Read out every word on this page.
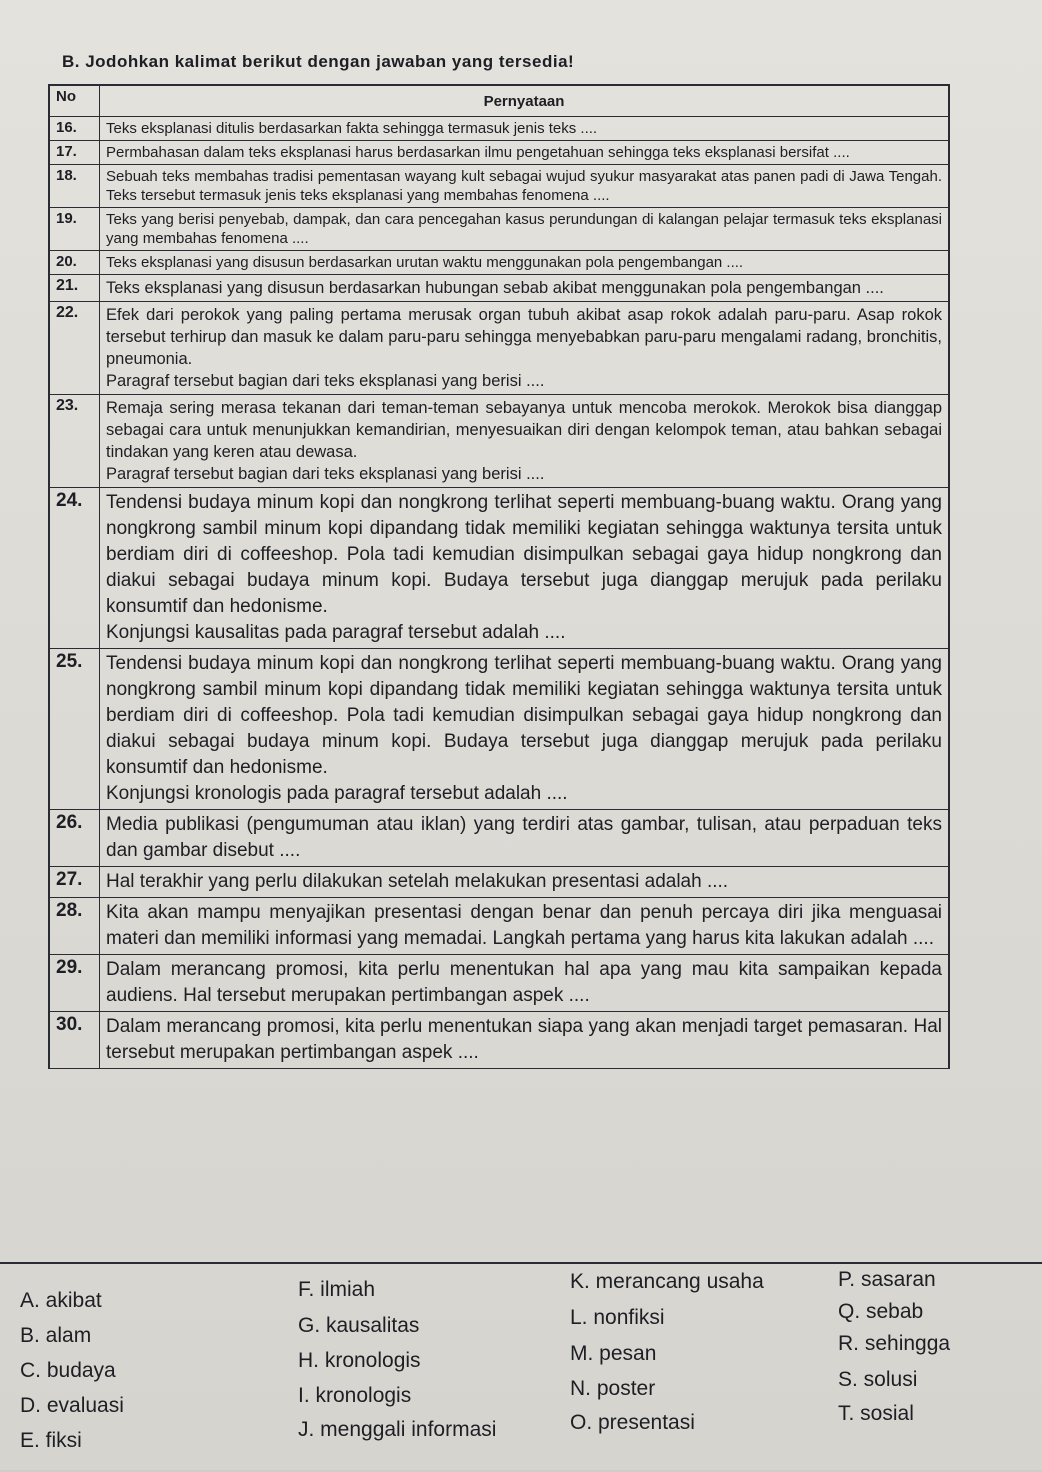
B. Jodohkan kalimat berikut dengan jawaban yang tersedia!
No	Pernyataan
16.	Teks eksplanasi ditulis berdasarkan fakta sehingga termasuk jenis teks ....
17.	Permbahasan dalam teks eksplanasi harus berdasarkan ilmu pengetahuan sehingga teks eksplanasi bersifat ....
18.	Sebuah teks membahas tradisi pementasan wayang kult sebagai wujud syukur masyarakat atas panen padi di Jawa Tengah. Teks tersebut termasuk jenis teks eksplanasi yang membahas fenomena ....
19.	Teks yang berisi penyebab, dampak, dan cara pencegahan kasus perundungan di kalangan pelajar termasuk teks eksplanasi yang membahas fenomena ....
20.	Teks eksplanasi yang disusun berdasarkan urutan waktu menggunakan pola pengembangan ....
21.	Teks eksplanasi yang disusun berdasarkan hubungan sebab akibat menggunakan pola pengembangan ....
22.	Efek dari perokok yang paling pertama merusak organ tubuh akibat asap rokok adalah paru-paru. Asap rokok tersebut terhirup dan masuk ke dalam paru-paru sehingga menyebabkan paru-paru mengalami radang, bronchitis, pneumonia.
Paragraf tersebut bagian dari teks eksplanasi yang berisi ....
23.	Remaja sering merasa tekanan dari teman-teman sebayanya untuk mencoba merokok. Merokok bisa dianggap sebagai cara untuk menunjukkan kemandirian, menyesuaikan diri dengan kelompok teman, atau bahkan sebagai tindakan yang keren atau dewasa.
Paragraf tersebut bagian dari teks eksplanasi yang berisi ....
24.	Tendensi budaya minum kopi dan nongkrong terlihat seperti membuang-buang waktu. Orang yang nongkrong sambil minum kopi dipandang tidak memiliki kegiatan sehingga waktunya tersita untuk berdiam diri di coffeeshop. Pola tadi kemudian disimpulkan sebagai gaya hidup nongkrong dan diakui sebagai budaya minum kopi. Budaya tersebut juga dianggap merujuk pada perilaku konsumtif dan hedonisme.
Konjungsi kausalitas pada paragraf tersebut adalah ....
25.	Tendensi budaya minum kopi dan nongkrong terlihat seperti membuang-buang waktu. Orang yang nongkrong sambil minum kopi dipandang tidak memiliki kegiatan sehingga waktunya tersita untuk berdiam diri di coffeeshop. Pola tadi kemudian disimpulkan sebagai gaya hidup nongkrong dan diakui sebagai budaya minum kopi. Budaya tersebut juga dianggap merujuk pada perilaku konsumtif dan hedonisme.
Konjungsi kronologis pada paragraf tersebut adalah ....
26.	Media publikasi (pengumuman atau iklan) yang terdiri atas gambar, tulisan, atau perpaduan teks dan gambar disebut ....
27.	Hal terakhir yang perlu dilakukan setelah melakukan presentasi adalah ....
28.	Kita akan mampu menyajikan presentasi dengan benar dan penuh percaya diri jika menguasai materi dan memiliki informasi yang memadai. Langkah pertama yang harus kita lakukan adalah ....
29.	Dalam merancang promosi, kita perlu menentukan hal apa yang mau kita sampaikan kepada audiens. Hal tersebut merupakan pertimbangan aspek ....
30.	Dalam merancang promosi, kita perlu menentukan siapa yang akan menjadi target pemasaran. Hal tersebut merupakan pertimbangan aspek ....
A. akibat
B. alam
C. budaya
D. evaluasi
E. fiksi
F. ilmiah
G. kausalitas
H. kronologis
I. kronologis
J. menggali informasi
K. merancang usaha
L. nonfiksi
M. pesan
N. poster
O. presentasi
P. sasaran
Q. sebab
R. sehingga
S. solusi
T. sosial
